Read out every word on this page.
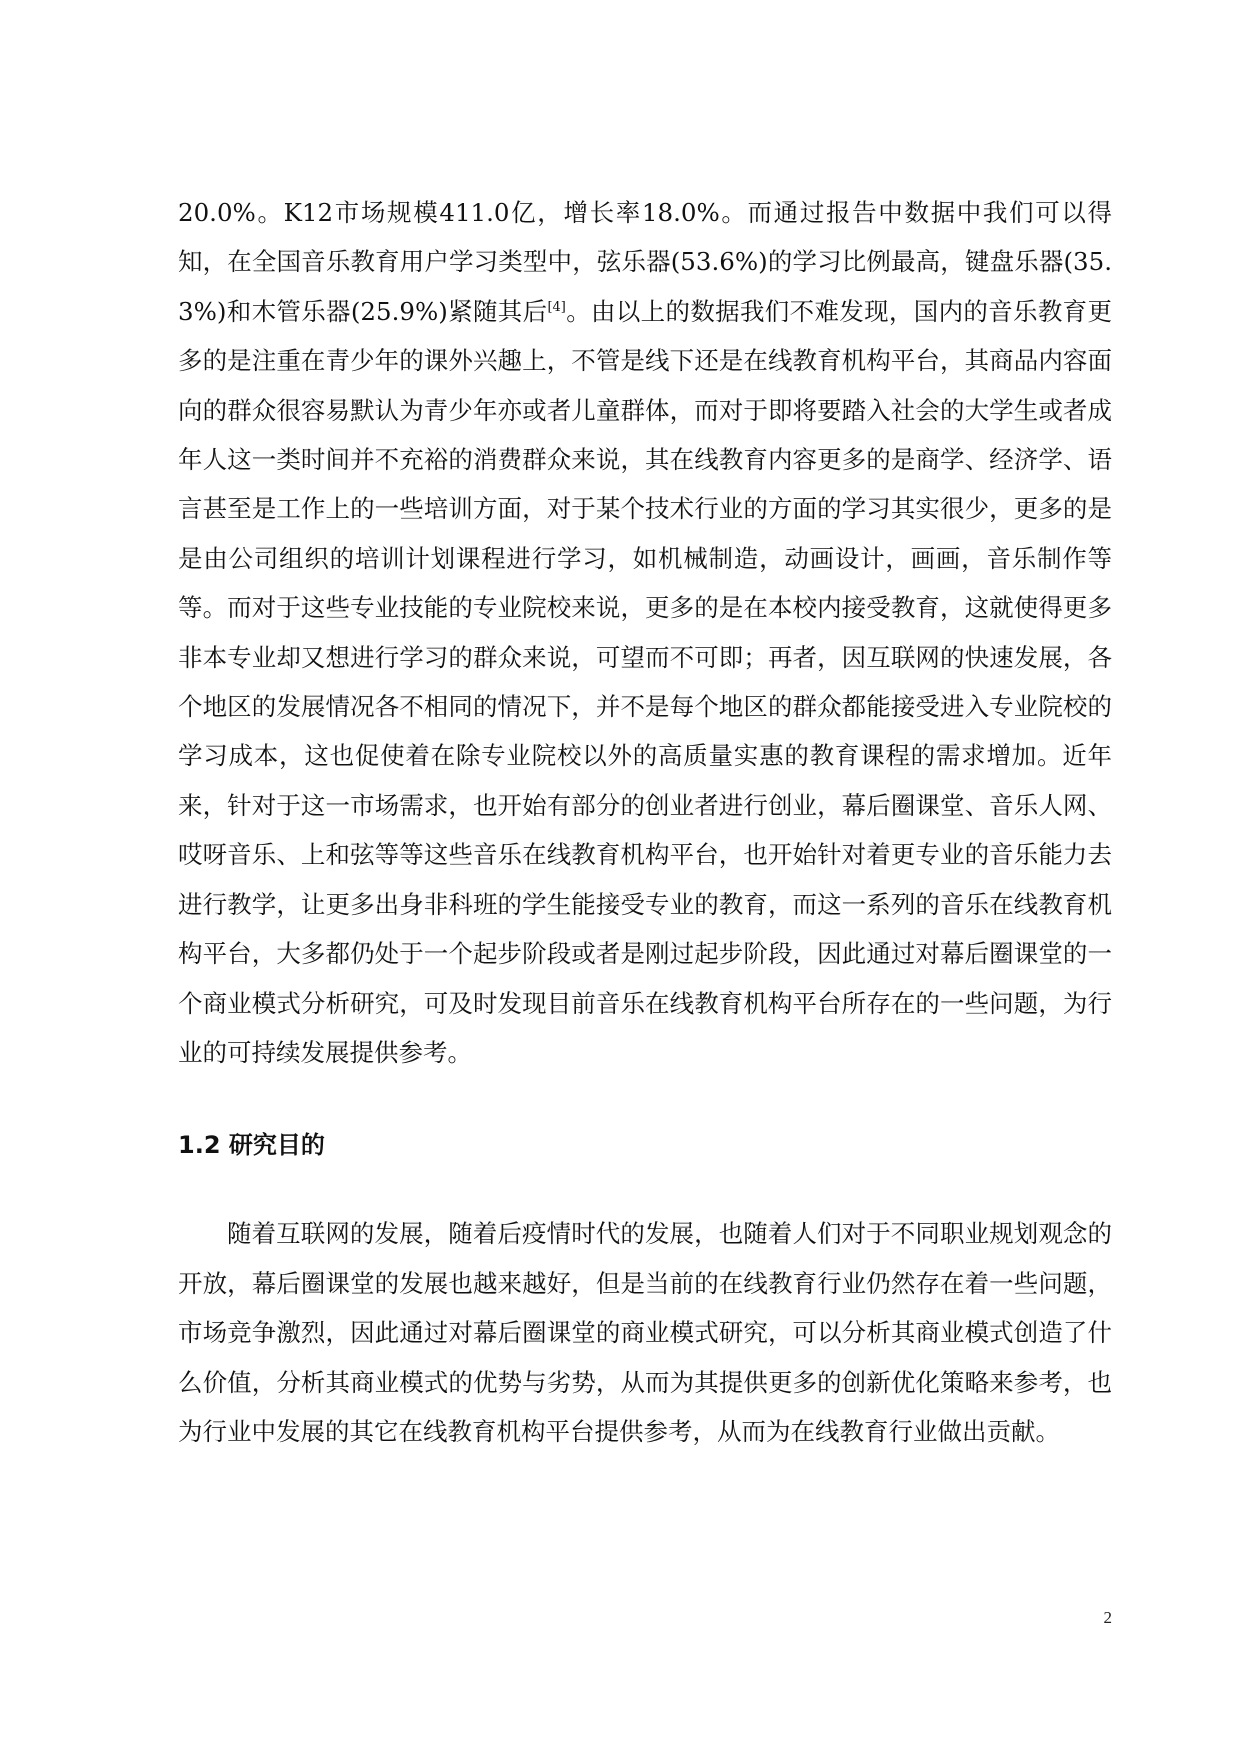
20.0%。K12市场规模411.0亿，增长率18.0%。而通过报告中数据中我们可以得知，在全国音乐教育用户学习类型中，弦乐器(53.6%)的学习比例最高，键盘乐器(35.3%)和木管乐器(25.9%)紧随其后[4]。由以上的数据我们不难发现，国内的音乐教育更多的是注重在青少年的课外兴趣上，不管是线下还是在线教育机构平台，其商品内容面向的群众很容易默认为青少年亦或者儿童群体，而对于即将要踏入社会的大学生或者成年人这一类时间并不充裕的消费群众来说，其在线教育内容更多的是商学、经济学、语言甚至是工作上的一些培训方面，对于某个技术行业的方面的学习其实很少，更多的是是由公司组织的培训计划课程进行学习，如机械制造，动画设计，画画，音乐制作等等。而对于这些专业技能的专业院校来说，更多的是在本校内接受教育，这就使得更多非本专业却又想进行学习的群众来说，可望而不可即；再者，因互联网的快速发展，各个地区的发展情况各不相同的情况下，并不是每个地区的群众都能接受进入专业院校的学习成本，这也促使着在除专业院校以外的高质量实惠的教育课程的需求增加。近年来，针对于这一市场需求，也开始有部分的创业者进行创业，幕后圈课堂、音乐人网、哎呀音乐、上和弦等等这些音乐在线教育机构平台，也开始针对着更专业的音乐能力去进行教学，让更多出身非科班的学生能接受专业的教育，而这一系列的音乐在线教育机构平台，大多都仍处于一个起步阶段或者是刚过起步阶段，因此通过对幕后圈课堂的一个商业模式分析研究，可及时发现目前音乐在线教育机构平台所存在的一些问题，为行业的可持续发展提供参考。

1.2 研究目的

随着互联网的发展，随着后疫情时代的发展，也随着人们对于不同职业规划观念的开放，幕后圈课堂的发展也越来越好，但是当前的在线教育行业仍然存在着一些问题，市场竞争激烈，因此通过对幕后圈课堂的商业模式研究，可以分析其商业模式创造了什么价值，分析其商业模式的优势与劣势，从而为其提供更多的创新优化策略来参考，也为行业中发展的其它在线教育机构平台提供参考，从而为在线教育行业做出贡献。

2
